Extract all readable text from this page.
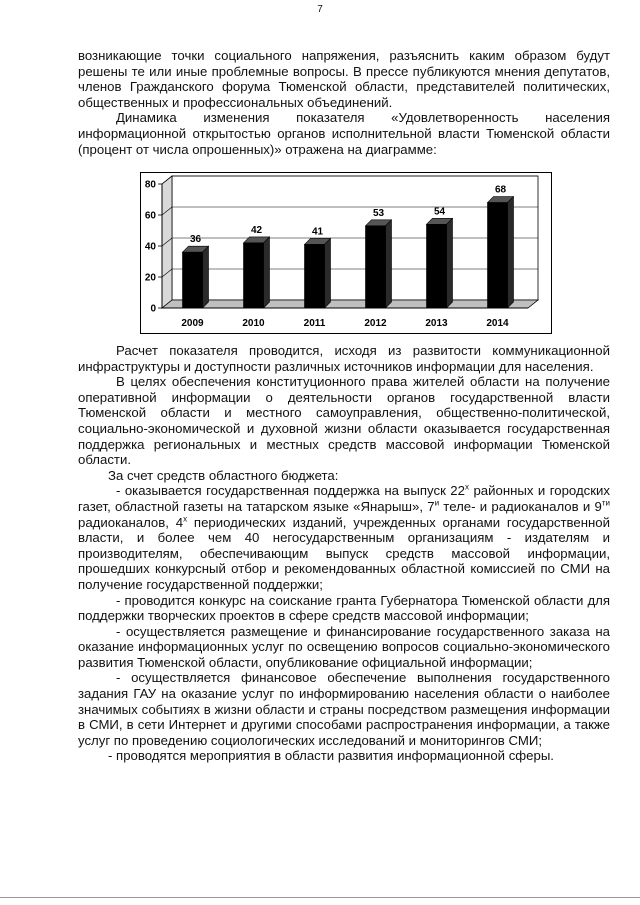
7

возникающие точки социального напряжения, разъяснить каким образом будут решены те или иные проблемные вопросы. В прессе публикуются мнения депутатов, членов Гражданского форума Тюменской области, представителей политических, общественных и профессиональных объединений.

Динамика изменения показателя «Удовлетворенность населения информационной открытостью органов исполнительной власти Тюменской области (процент от числа опрошенных)» отражена на диаграмме:

0
20
40
60
80
36
2009
42
2010
41
2011
53
2012
54
2013
68
2014

Расчет показателя проводится, исходя из развитости коммуникационной инфраструктуры и доступности различных источников информации для населения.

В целях обеспечения конституционного права жителей области на получение оперативной информации о деятельности органов государственной власти Тюменской области и местного самоуправления, общественно-политической, социально-экономической и духовной жизни области оказывается государственная поддержка региональных и местных средств массовой информации Тюменской области.

За счет средств областного бюджета:

- оказывается государственная поддержка на выпуск $22^х$ районных и городских газет, областной газеты на татарском языке «Янарыш», $7^и$ теле- и радиоканалов и $9^{ти}$ радиоканалов, $4^х$ периодических изданий, учрежденных органами государственной власти, и более чем 40 негосударственным организациям - издателям и производителям, обеспечивающим выпуск средств массовой информации, прошедших конкурсный отбор и рекомендованных областной комиссией по СМИ на получение государственной поддержки;

- проводится конкурс на соискание гранта Губернатора Тюменской области для поддержки творческих проектов в сфере средств массовой информации;

- осуществляется размещение и финансирование государственного заказа на оказание информационных услуг по освещению вопросов социально-экономического развития Тюменской области, опубликование официальной информации;

- осуществляется финансовое обеспечение выполнения государственного задания ГАУ на оказание услуг по информированию населения области о наиболее значимых событиях в жизни области и страны посредством размещения информации в СМИ, в сети Интернет и другими способами распространения информации, а также услуг по проведению социологических исследований и мониторингов СМИ;

- проводятся мероприятия в области развития информационной сферы.
